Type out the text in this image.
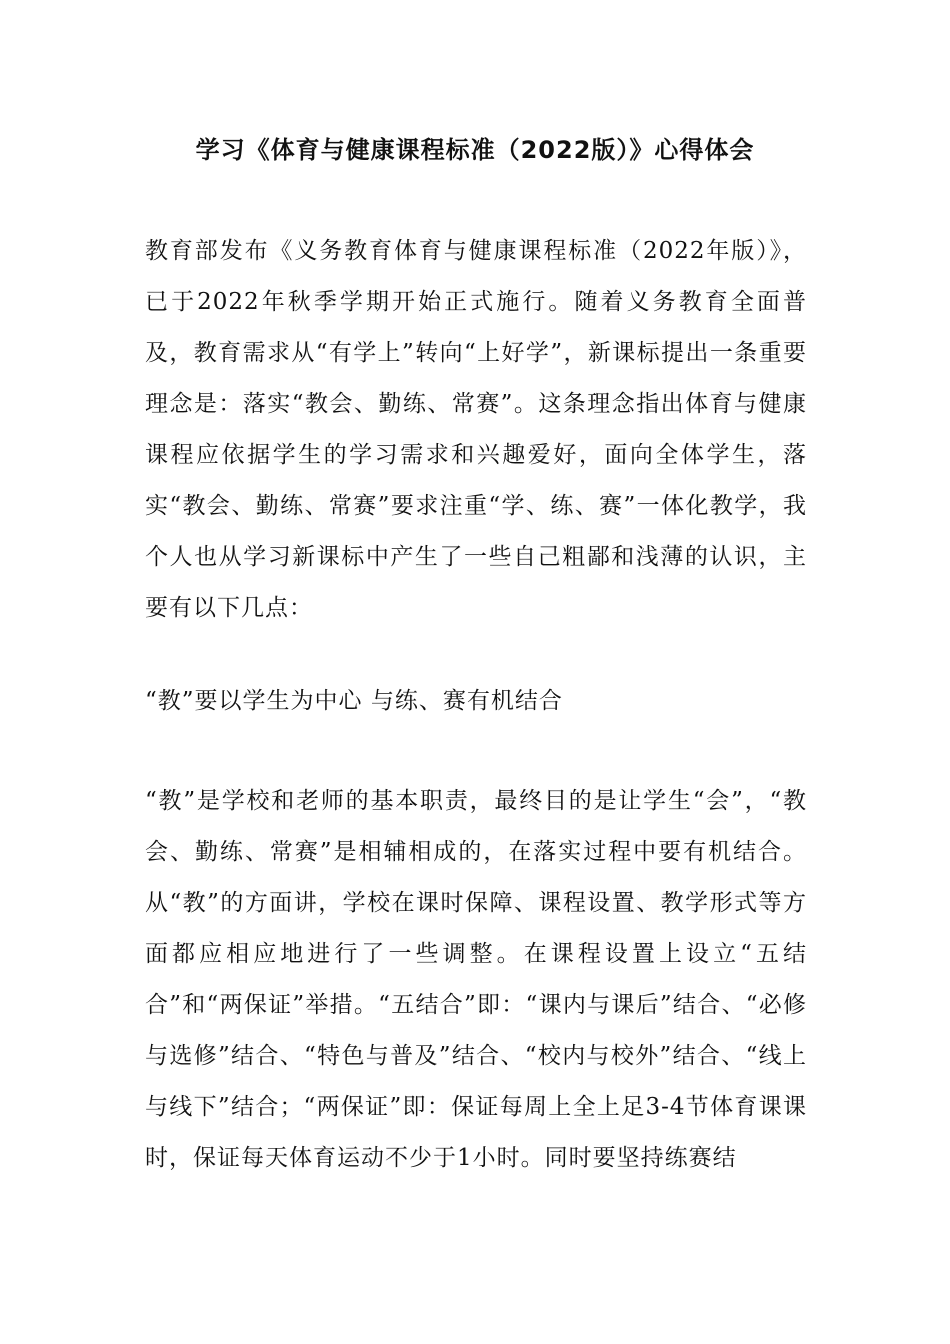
学习《体育与健康课程标准（2022版）》心得体会

教育部发布《义务教育体育与健康课程标准（2022年版）》，已于2022年秋季学期开始正式施行。随着义务教育全面普及，教育需求从“有学上”转向“上好学”，新课标提出一条重要理念是：落实“教会、勤练、常赛”。这条理念指出体育与健康课程应依据学生的学习需求和兴趣爱好，面向全体学生，落实“教会、勤练、常赛”要求注重“学、练、赛”一体化教学，我个人也从学习新课标中产生了一些自己粗鄙和浅薄的认识，主要有以下几点：

“教”要以学生为中心 与练、赛有机结合

“教”是学校和老师的基本职责，最终目的是让学生“会”，“教会、勤练、常赛”是相辅相成的，在落实过程中要有机结合。从“教”的方面讲，学校在课时保障、课程设置、教学形式等方面都应相应地进行了一些调整。在课程设置上设立“五结合”和“两保证”举措。“五结合”即：“课内与课后”结合、“必修与选修”结合、“特色与普及”结合、“校内与校外”结合、“线上与线下”结合；“两保证”即：保证每周上全上足3-4节体育课课时，保证每天体育运动不少于1小时。同时要坚持练赛结
